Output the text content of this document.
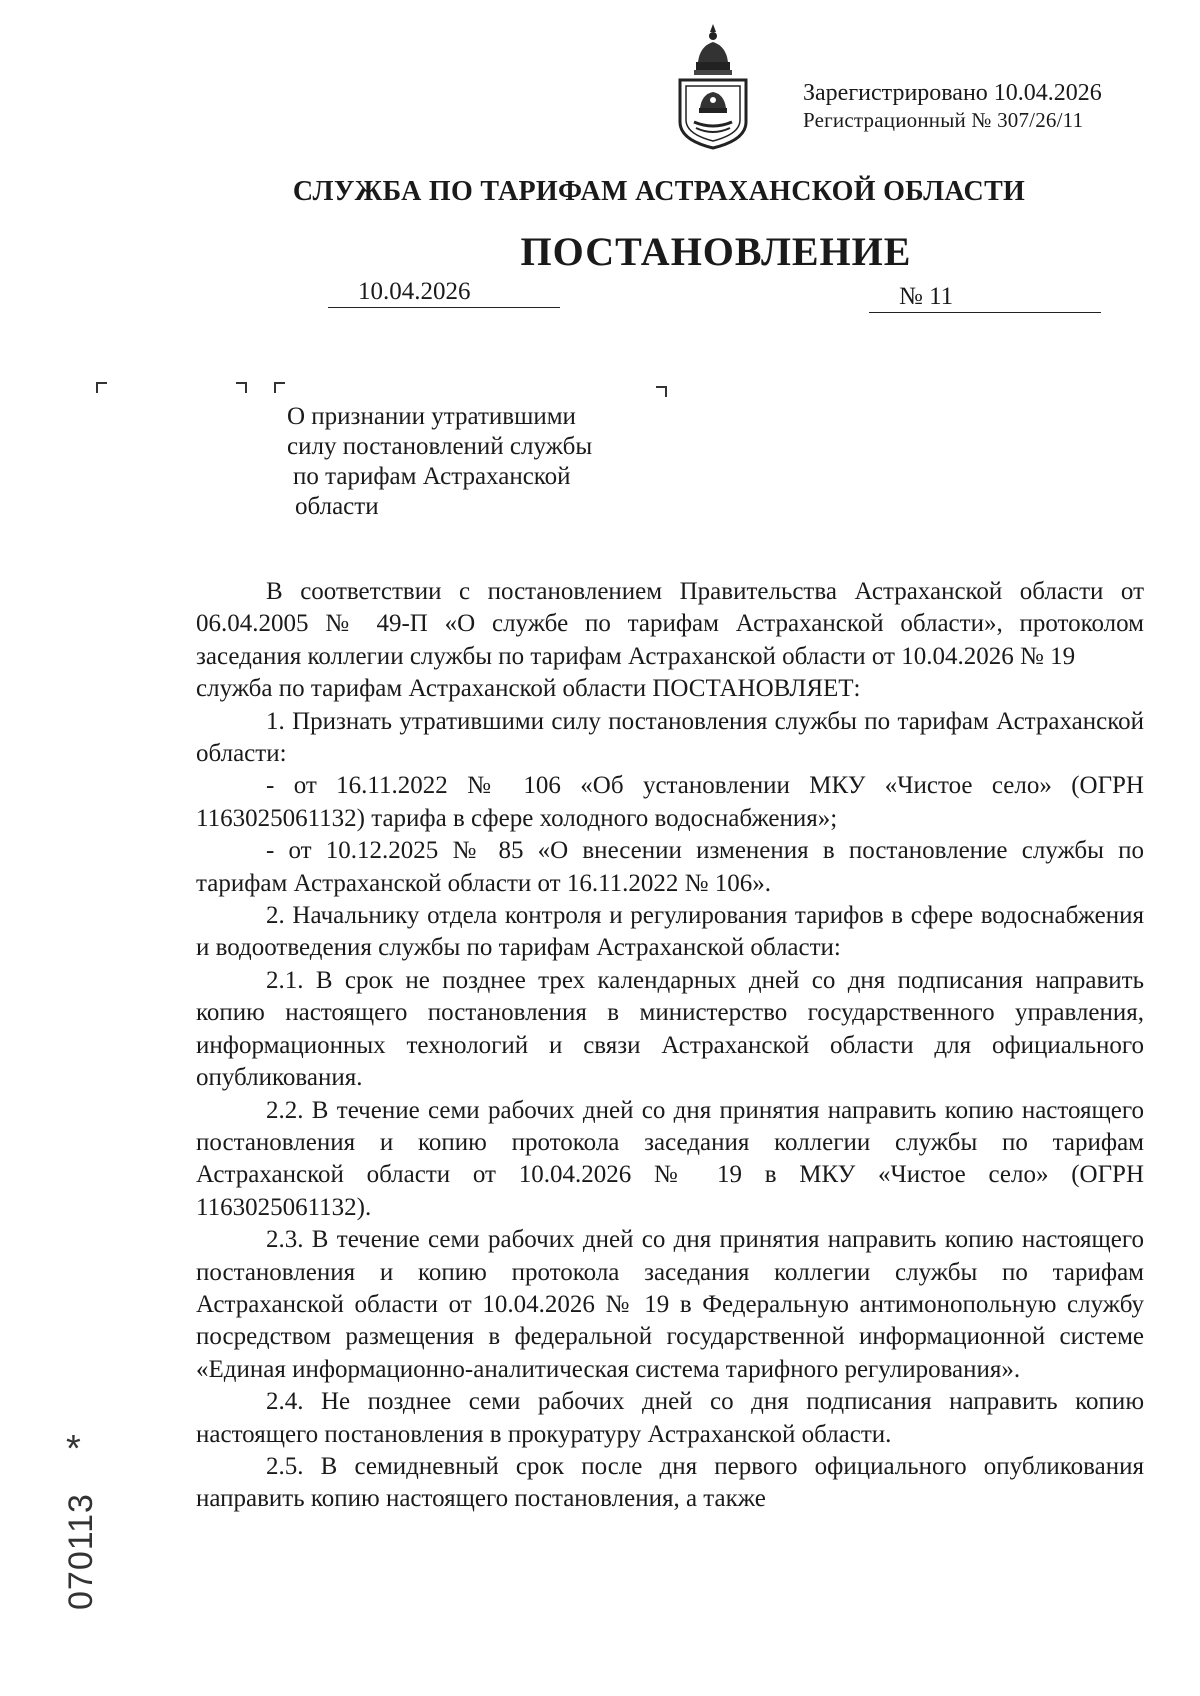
Зарегистрировано 10.04.2026
Регистрационный № 307/26/11
СЛУЖБА ПО ТАРИФАМ АСТРАХАНСКОЙ ОБЛАСТИ
ПОСТАНОВЛЕНИЕ
10.04.2026	№ 11
О признании утратившими
силу постановлений службы
по тарифам Астраханской
области

В соответствии с постановлением Правительства Астраханской области от 06.04.2005 № 49-П «О службе по тарифам Астраханской области», протоколом заседания коллегии службы по тарифам Астраханской области от 10.04.2026 № 19

служба по тарифам Астраханской области ПОСТАНОВЛЯЕТ:

1. Признать утратившими силу постановления службы по тарифам Астраханской области:

- от 16.11.2022 № 106 «Об установлении МКУ «Чистое село» (ОГРН 1163025061132) тарифа в сфере холодного водоснабжения»;

- от 10.12.2025 № 85 «О внесении изменения в постановление службы по тарифам Астраханской области от 16.11.2022 № 106».

2. Начальнику отдела контроля и регулирования тарифов в сфере водоснабжения и водоотведения службы по тарифам Астраханской области:

2.1. В срок не позднее трех календарных дней со дня подписания направить копию настоящего постановления в министерство государственного управления, информационных технологий и связи Астраханской области для официального опубликования.

2.2. В течение семи рабочих дней со дня принятия направить копию настоящего постановления и копию протокола заседания коллегии службы по тарифам Астраханской области от 10.04.2026 № 19 в МКУ «Чистое село» (ОГРН 1163025061132).

2.3. В течение семи рабочих дней со дня принятия направить копию настоящего постановления и копию протокола заседания коллегии службы по тарифам Астраханской области от 10.04.2026 № 19 в Федеральную антимонопольную службу посредством размещения в федеральной государственной информационной системе «Единая информационно-аналитическая система тарифного регулирования».

2.4. Не позднее семи рабочих дней со дня подписания направить копию настоящего постановления в прокуратуру Астраханской области.

2.5. В семидневный срок после дня первого официального опубликования направить копию настоящего постановления, а также

*
070113
